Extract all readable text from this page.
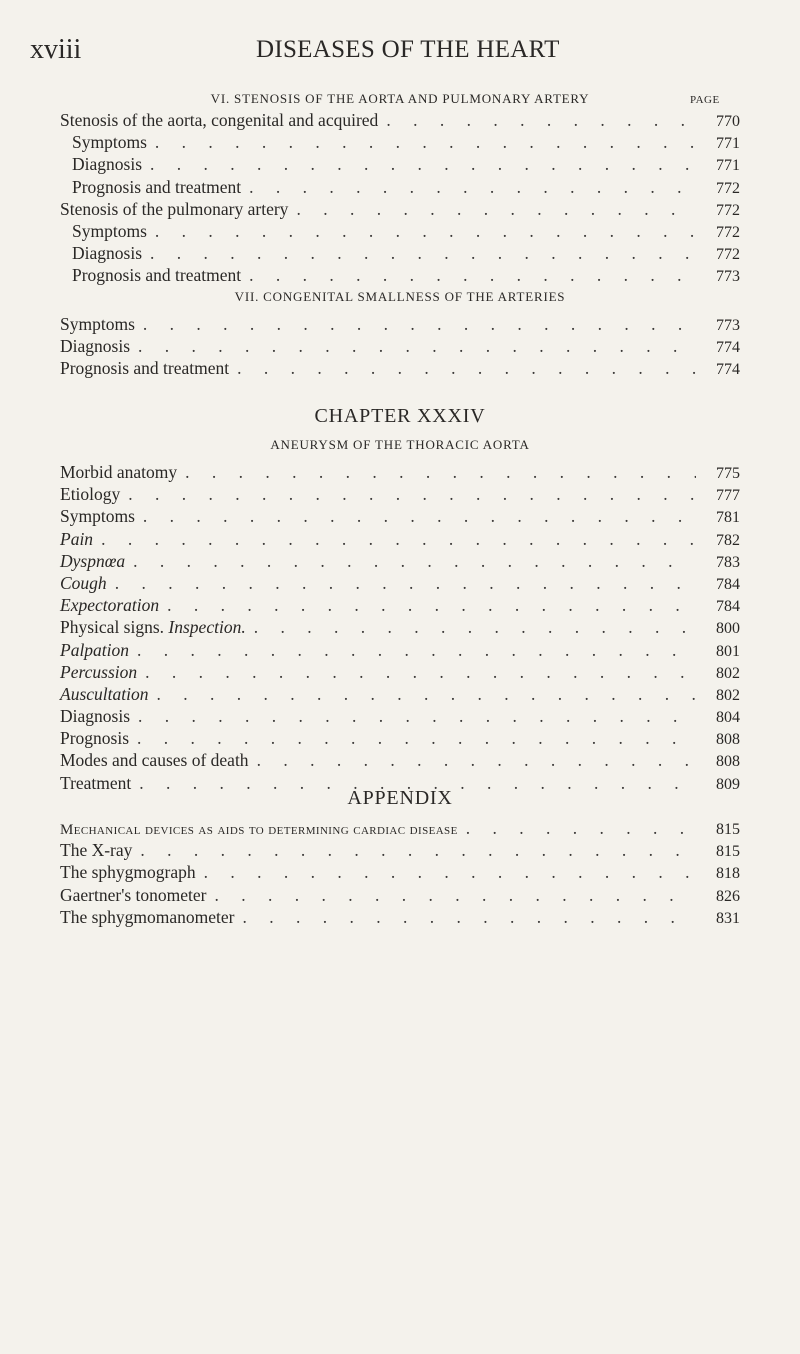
xviii	DISEASES OF THE HEART
PAGE
VI. STENOSIS OF THE AORTA AND PULMONARY ARTERY
Stenosis of the aorta, congenital and acquired . . .	770
Symptoms . . .	771
Diagnosis . . .	771
Prognosis and treatment . . .	772
Stenosis of the pulmonary artery . . .	772
Symptoms . . .	772
Diagnosis . . .	772
Prognosis and treatment . . .	773
VII. CONGENITAL SMALLNESS OF THE ARTERIES
Symptoms . . .	773
Diagnosis . . .	774
Prognosis and treatment . . .	774
CHAPTER XXXIV
ANEURYSM OF THE THORACIC AORTA
Morbid anatomy . . .	775
Etiology . . .	777
Symptoms . . .	781
Pain . . .	782
Dyspnœa . . .	783
Cough . . .	784
Expectoration . . .	784
Physical signs. Inspection. . . .	800
Palpation . . .	801
Percussion . . .	802
Auscultation . . .	802
Diagnosis . . .	804
Prognosis . . .	808
Modes and causes of death . . .	808
Treatment . . .	809
APPENDIX
Mechanical devices as aids to determining cardiac disease . . .	815
The X-ray . . .	815
The sphygmograph . . .	818
Gaertner's tonometer . . .	826
The sphygmomanometer . . .	831
